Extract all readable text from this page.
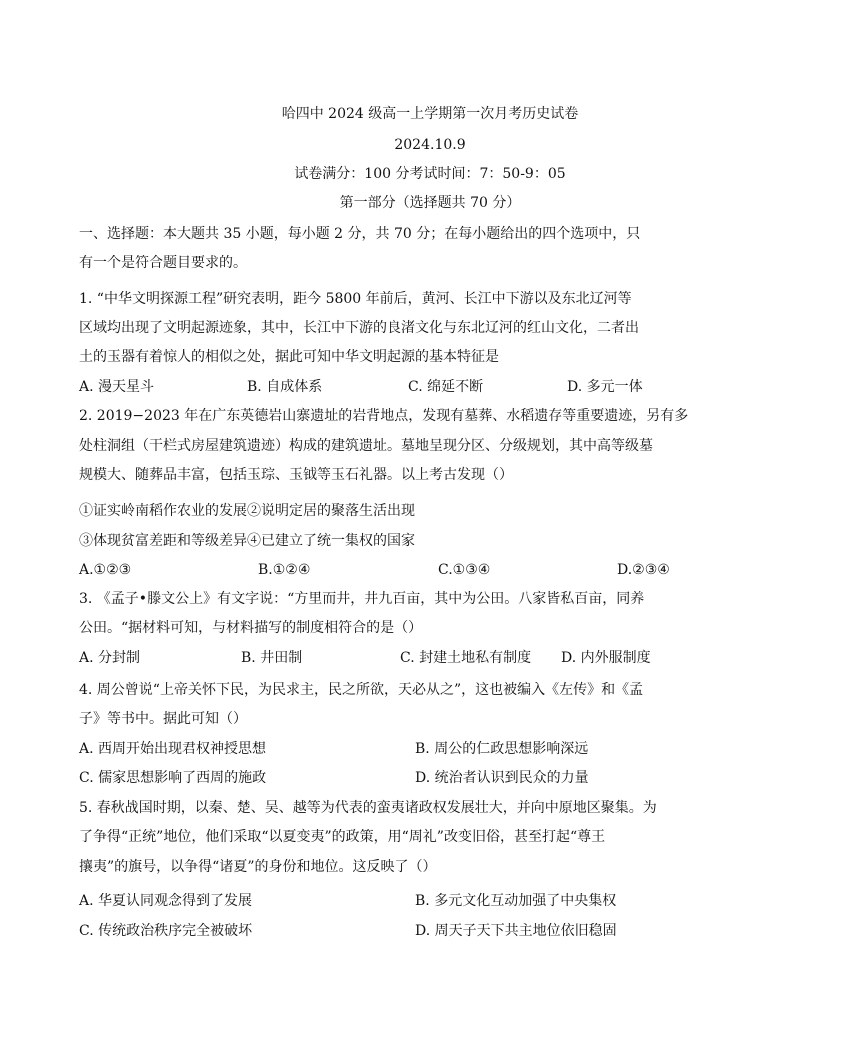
哈四中 2024 级高一上学期第一次月考历史试卷
2024.10.9
试卷满分：100 分考试时间：7：50-9：05
第一部分（选择题共 70 分）
一、选择题：本大题共 35 小题，每小题 2 分，共 70 分；在每小题给出的四个选项中，只
有一个是符合题目要求的。
1. “中华文明探源工程”研究表明，距今 5800 年前后，黄河、长江中下游以及东北辽河等
区域均出现了文明起源迹象，其中，长江中下游的良渚文化与东北辽河的红山文化，二者出
土的玉器有着惊人的相似之处，据此可知中华文明起源的基本特征是
A. 漫天星斗	B. 自成体系	C. 绵延不断	D. 多元一体
2. 2019−2023 年在广东英德岩山寨遗址的岩背地点，发现有墓葬、水稻遗存等重要遗迹，另有多
处柱洞组（干栏式房屋建筑遗迹）构成的建筑遗址。墓地呈现分区、分级规划，其中高等级墓
规模大、随葬品丰富，包括玉琮、玉钺等玉石礼器。以上考古发现（）
①证实岭南稻作农业的发展②说明定居的聚落生活出现
③体现贫富差距和等级差异④已建立了统一集权的国家
A.①②③	B.①②④	C.①③④	D.②③④
3. 《孟子•滕文公上》有文字说：“方里而井，井九百亩，其中为公田。八家皆私百亩，同养
公田。“据材料可知，与材料描写的制度相符合的是（）
A. 分封制	B. 井田制	C. 封建土地私有制度 D. 内外服制度
4. 周公曾说“上帝关怀下民，为民求主，民之所欲，天必从之”，这也被编入《左传》和《孟
子》等书中。据此可知（）
A. 西周开始出现君权神授思想	B. 周公的仁政思想影响深远
C. 儒家思想影响了西周的施政	D. 统治者认识到民众的力量
5. 春秋战国时期，以秦、楚、吴、越等为代表的蛮夷诸政权发展壮大，并向中原地区聚集。为
了争得“正统”地位，他们采取“以夏变夷”的政策，用“周礼”改变旧俗，甚至打起“尊王
攘夷”的旗号，以争得“诸夏”的身份和地位。这反映了（）
A. 华夏认同观念得到了发展	B. 多元文化互动加强了中央集权
C. 传统政治秩序完全被破坏	D. 周天子天下共主地位依旧稳固
